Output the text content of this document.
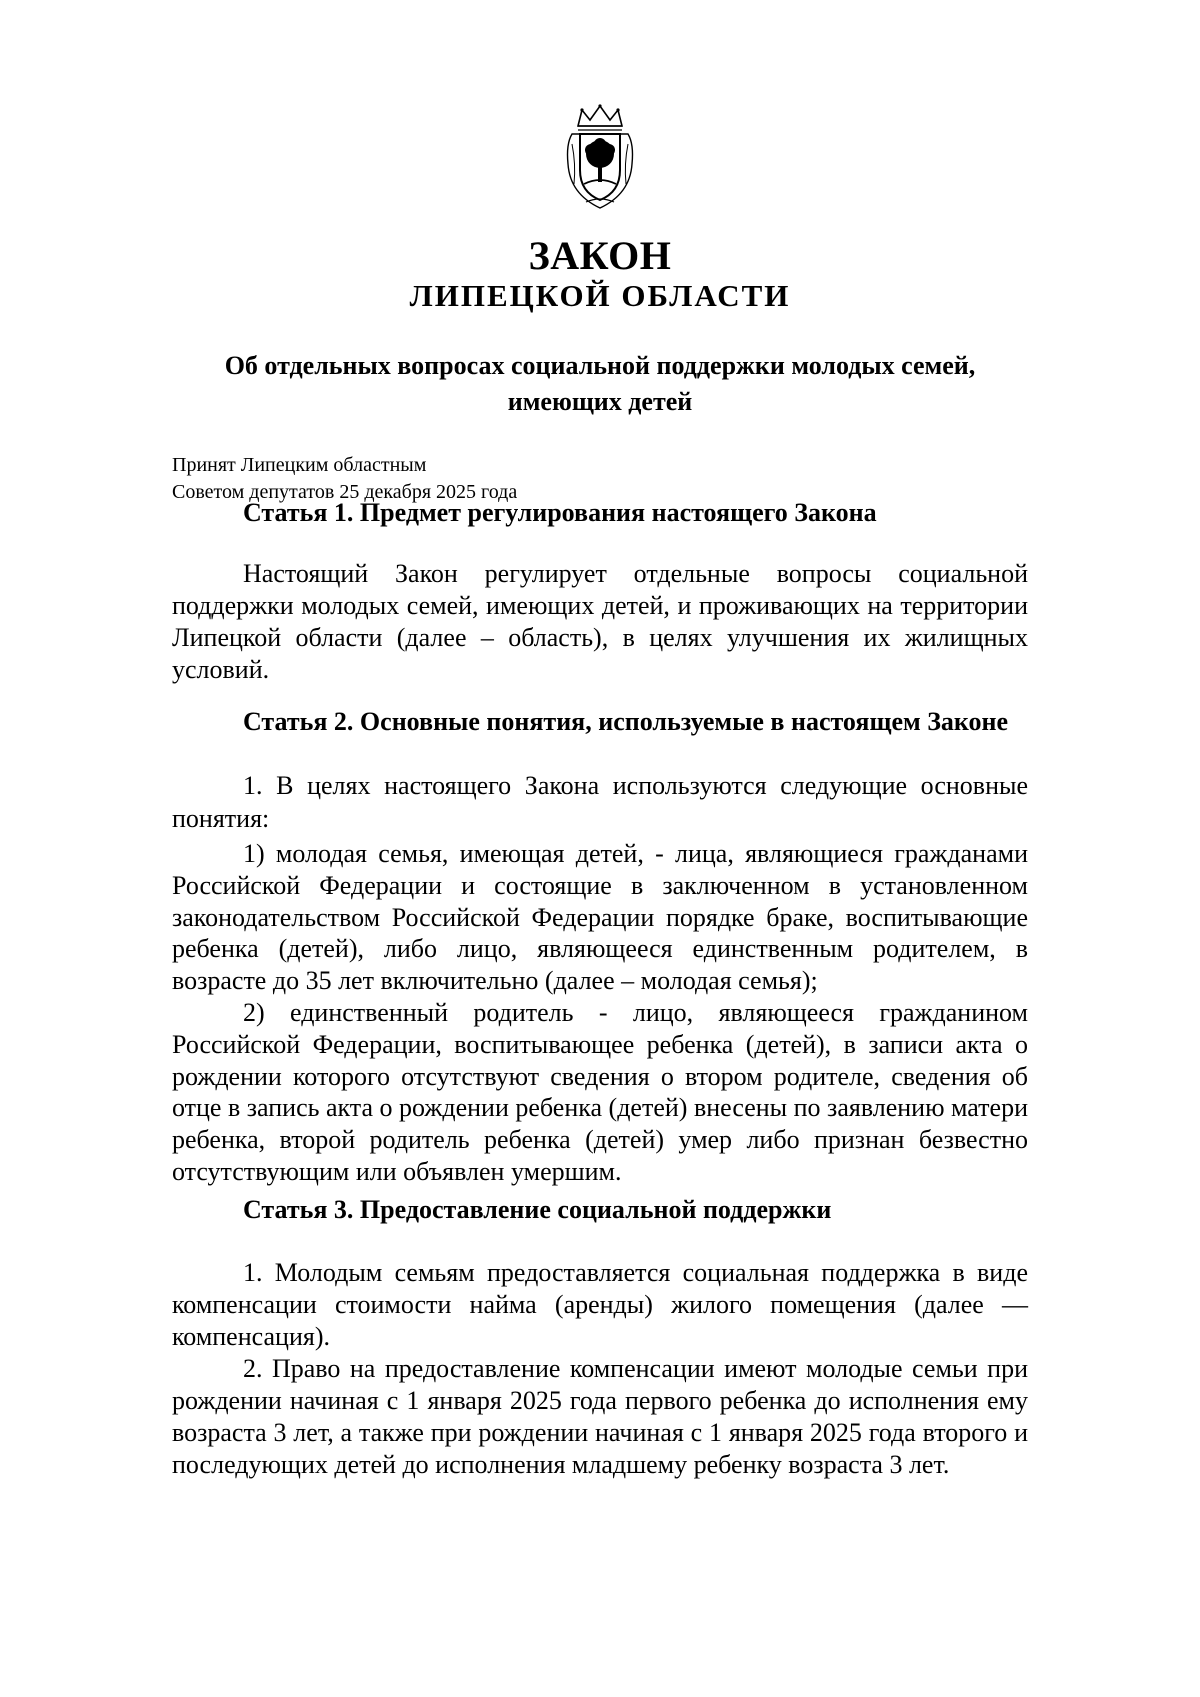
ЗАКОН
ЛИПЕЦКОЙ ОБЛАСТИ
Об отдельных вопросах социальной поддержки молодых семей, имеющих детей
Принят Липецким областным
Советом депутатов 25 декабря 2025 года
Статья 1. Предмет регулирования настоящего Закона
Настоящий Закон регулирует отдельные вопросы социальной поддержки молодых семей, имеющих детей, и проживающих на территории Липецкой области (далее – область), в целях улучшения их жилищных условий.
Статья 2. Основные понятия, используемые в настоящем Законе
1. В целях настоящего Закона используются следующие основные понятия:
1) молодая семья, имеющая детей, - лица, являющиеся гражданами Российской Федерации и состоящие в заключенном в установленном законодательством Российской Федерации порядке браке, воспитывающие ребенка (детей), либо лицо, являющееся единственным родителем, в возрасте до 35 лет включительно (далее – молодая семья);
2) единственный родитель - лицо, являющееся гражданином Российской Федерации, воспитывающее ребенка (детей), в записи акта о рождении которого отсутствуют сведения о втором родителе, сведения об отце в запись акта о рождении ребенка (детей) внесены по заявлению матери ребенка, второй родитель ребенка (детей) умер либо признан безвестно отсутствующим или объявлен умершим.
Статья 3. Предоставление социальной поддержки
1. Молодым семьям предоставляется социальная поддержка в виде компенсации стоимости найма (аренды) жилого помещения (далее — компенсация).
2. Право на предоставление компенсации имеют молодые семьи при рождении начиная с 1 января 2025 года первого ребенка до исполнения ему возраста 3 лет, а также при рождении начиная с 1 января 2025 года второго и последующих детей до исполнения младшему ребенку возраста 3 лет.
